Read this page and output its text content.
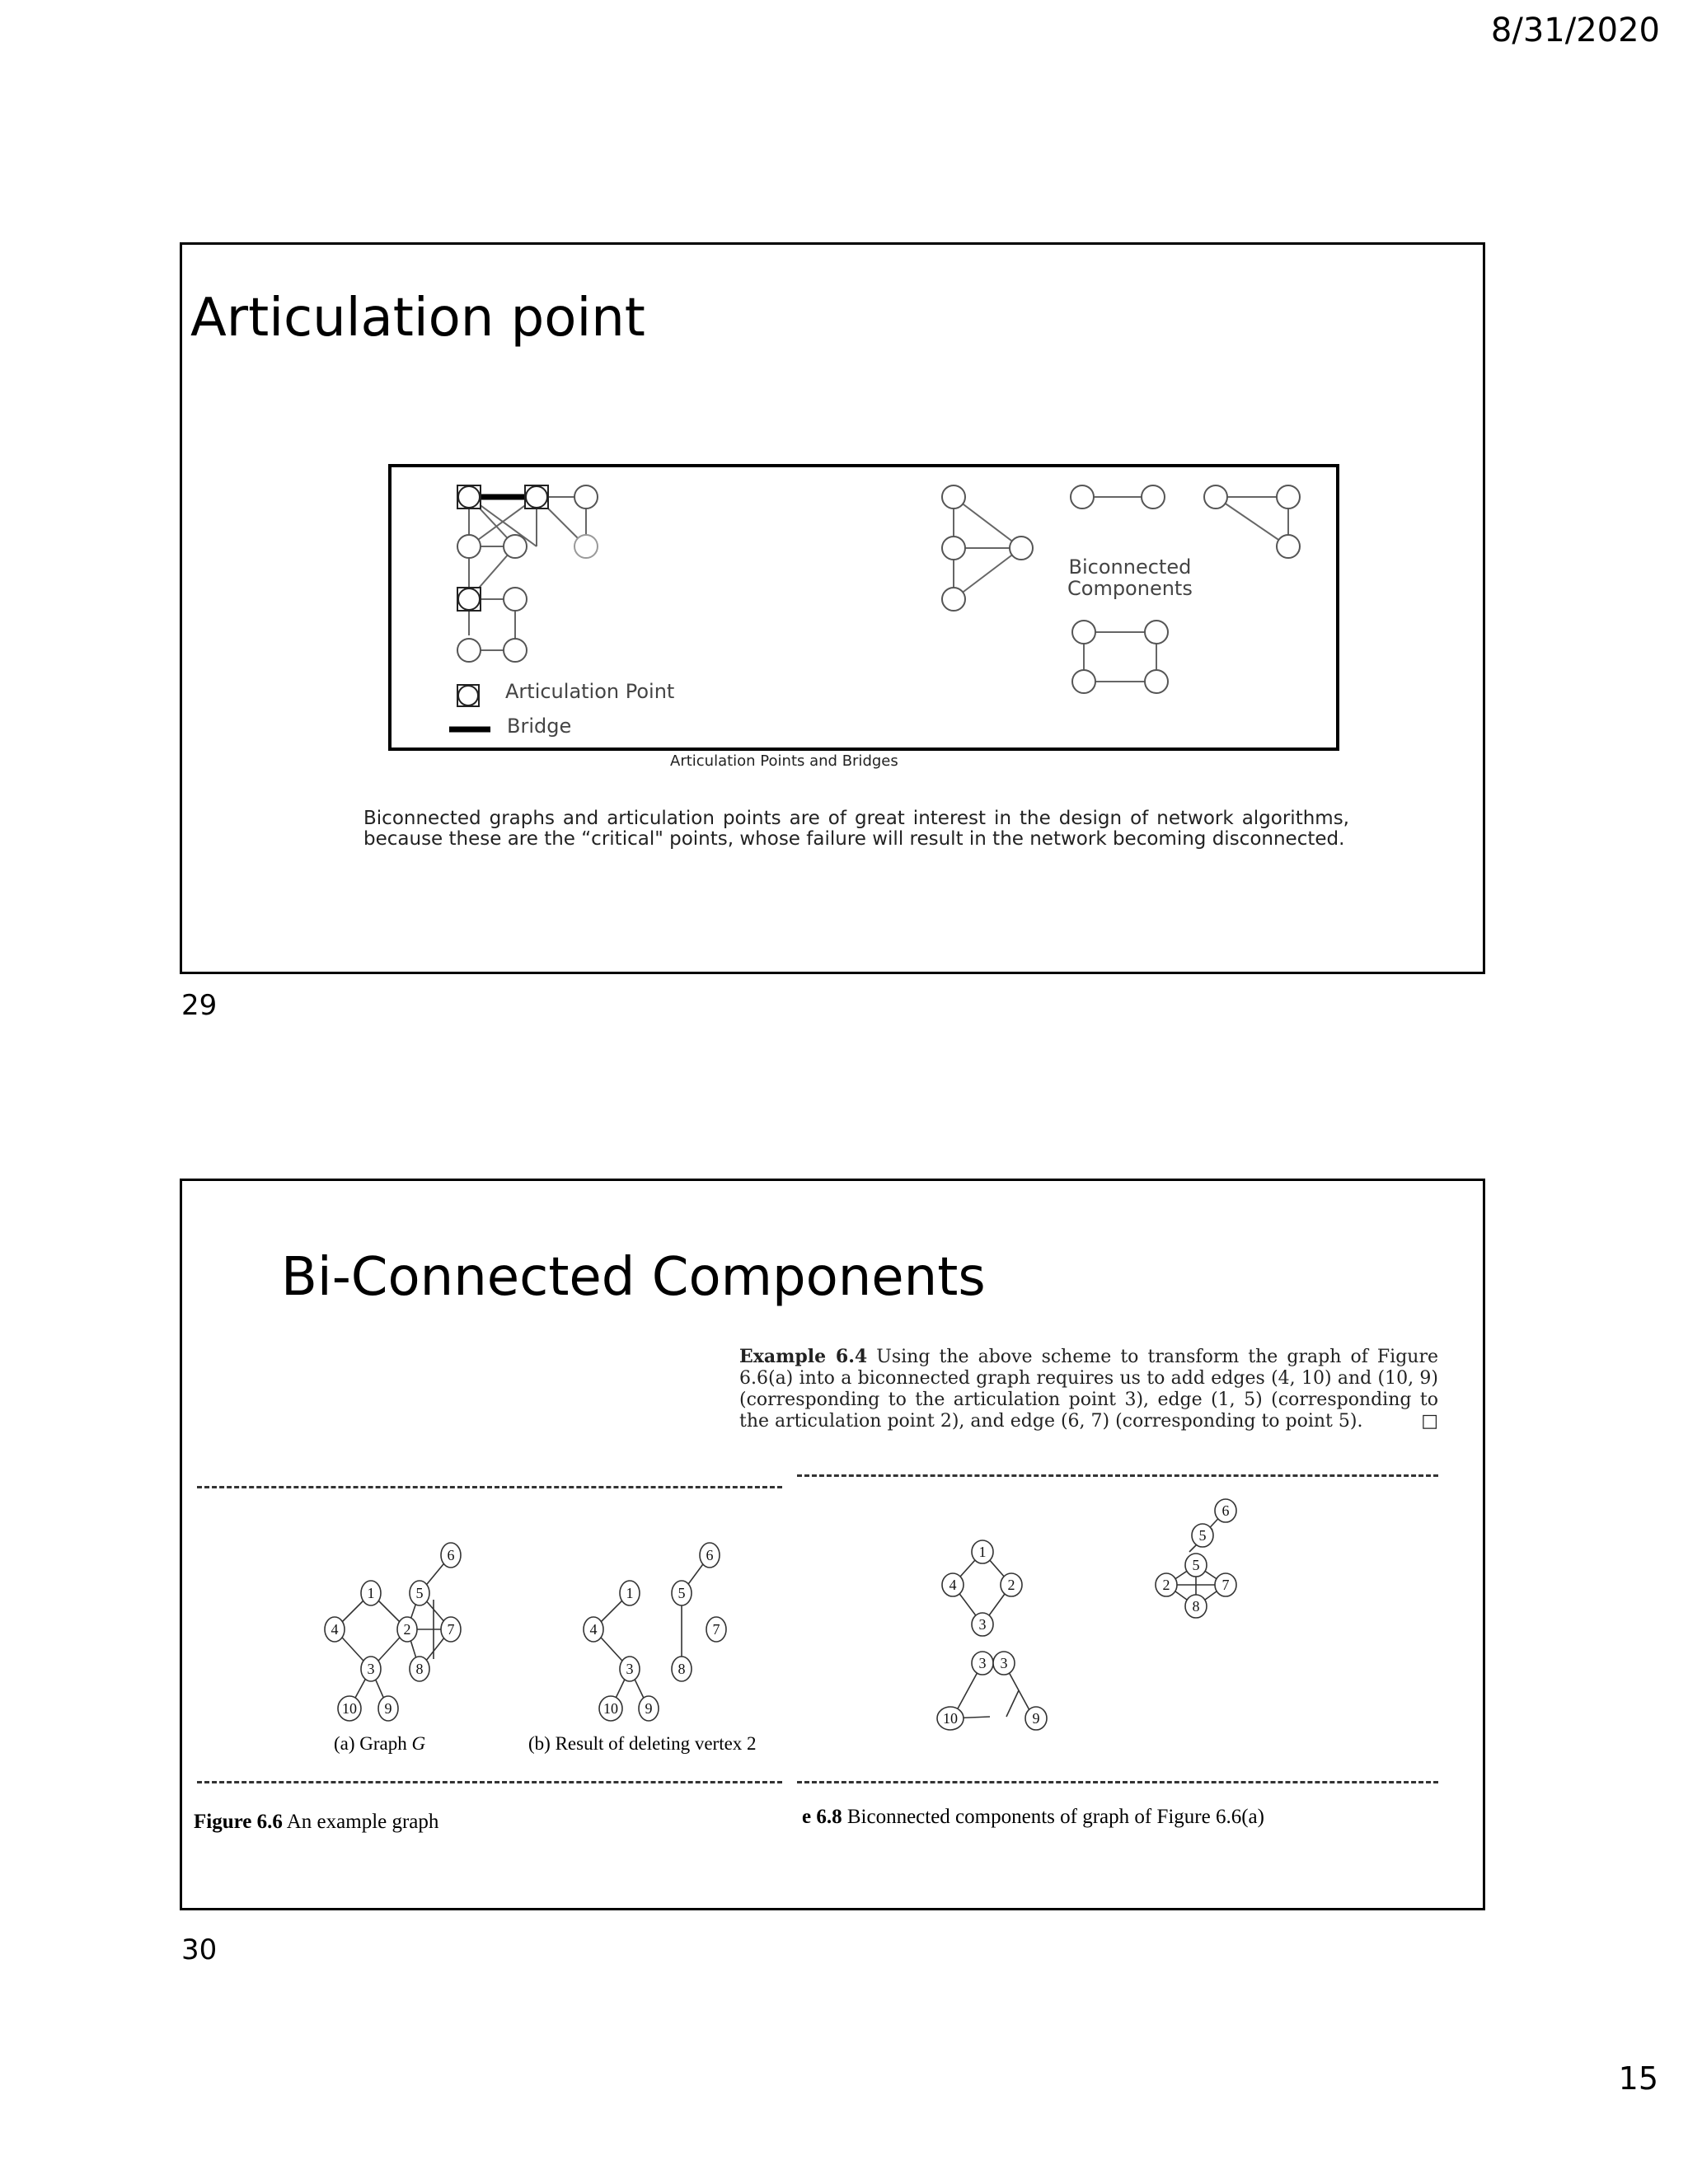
8/31/2020
Articulation point
Biconnected
Components
Articulation Point
Bridge
Articulation Points and Bridges
Biconnected graphs and articulation points are of great interest in the design of network algorithms, because these are the “critical" points, whose failure will result in the network becoming disconnected.
29
Bi-Connected Components
Example 6.4 Using the above scheme to transform the graph of Figure 6.6(a) into a biconnected graph requires us to add edges (4, 10) and (10, 9) (corresponding to the articulation point 3), edge (1, 5) (corresponding to the articulation point 2), and edge (6, 7) (corresponding to point 5).	□
6
1	5
4	2 7
3	8
10 9
6
1	5
4	7
3	8
10 9
(a) Graph G	(b) Result of deleting vertex 2
1
4	2
3
3 3
10	9
6
5
5
2	7
8
Figure 6.6 An example graph	e 6.8 Biconnected components of graph of Figure 6.6(a)
30
15
